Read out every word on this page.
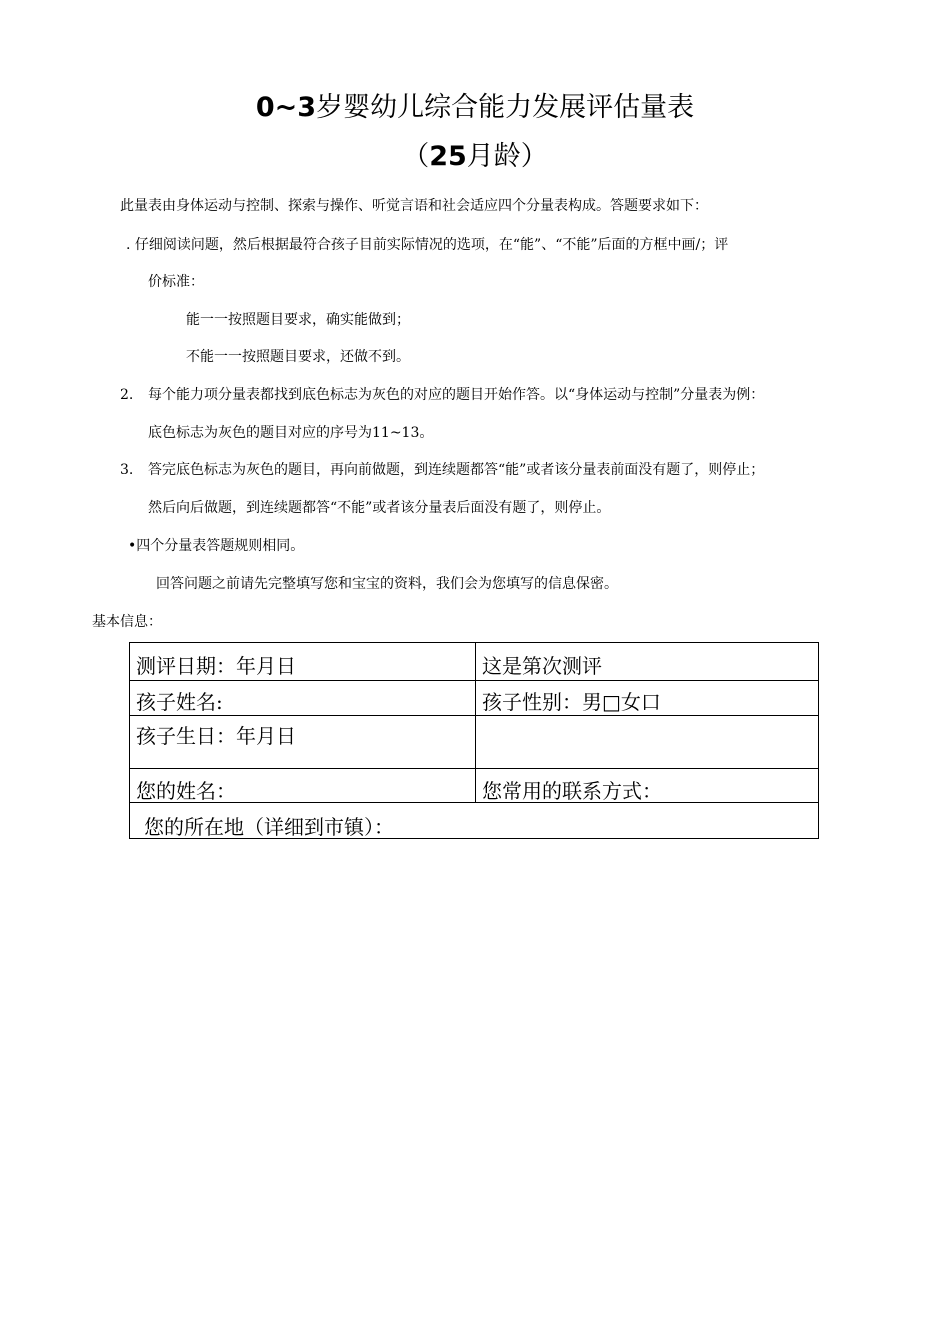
0~3岁婴幼儿综合能力发展评估量表
（25月龄）
此量表由身体运动与控制、探索与操作、听觉言语和社会适应四个分量表构成。答题要求如下：
. 仔细阅读问题，然后根据最符合孩子目前实际情况的选项，在“能”、“不能”后面的方框中画/；评
价标准：
能一一按照题目要求，确实能做到；
不能一一按照题目要求，还做不到。
2. 每个能力项分量表都找到底色标志为灰色的对应的题目开始作答。以“身体运动与控制”分量表为例：
底色标志为灰色的题目对应的序号为11~13。
3. 答完底色标志为灰色的题目，再向前做题，到连续题都答“能”或者该分量表前面没有题了，则停止；
然后向后做题，到连续题都答“不能”或者该分量表后面没有题了，则停止。
•四个分量表答题规则相同。
回答问题之前请先完整填写您和宝宝的资料，我们会为您填写的信息保密。
基本信息：
测评日期：年月日	这是第次测评
孩子姓名:	孩子性别：男□女口
孩子生日：年月日
您的姓名：	您常用的联系方式：
您的所在地（详细到市镇）：
